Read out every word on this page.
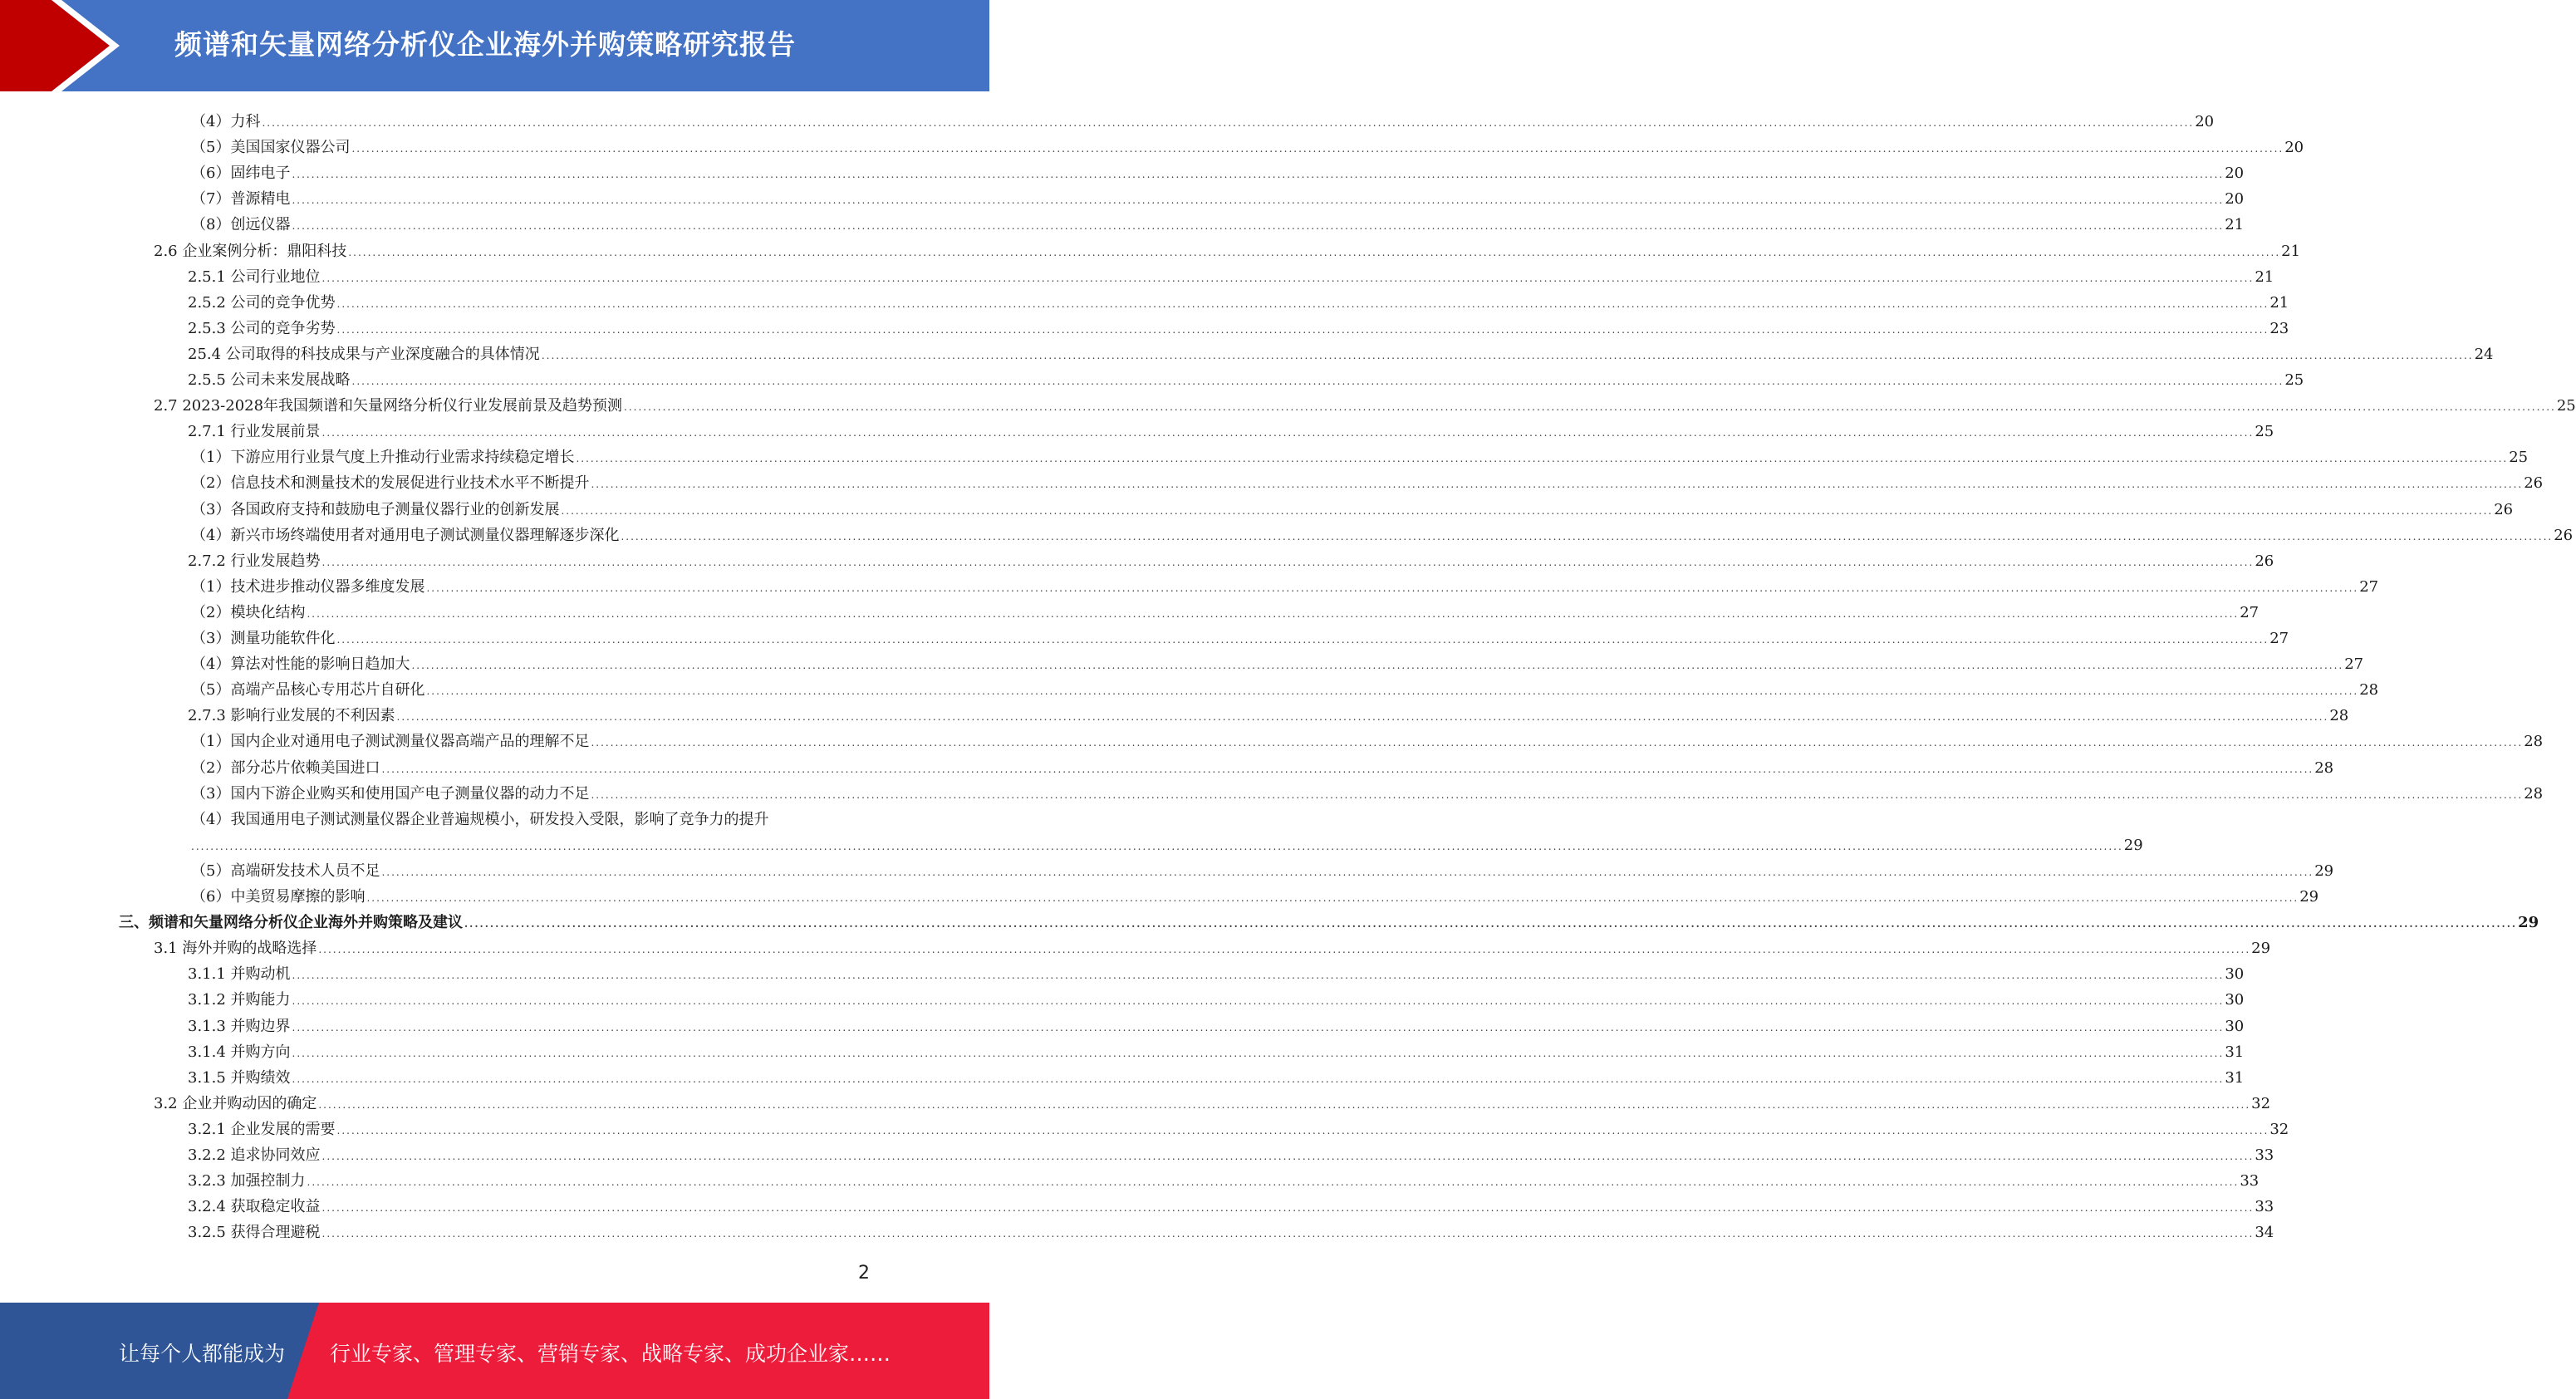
频谱和矢量网络分析仪企业海外并购策略研究报告
（4）力科 ................................................................................................................................................................................................................................................................................................................................................................................................................ 20
（5）美国国家仪器公司 ................................................................................................................................................................................................................................................................................................................................................................................................................ 20
（6）固纬电子 ................................................................................................................................................................................................................................................................................................................................................................................................................ 20
（7）普源精电 ................................................................................................................................................................................................................................................................................................................................................................................................................ 20
（8）创远仪器 ................................................................................................................................................................................................................................................................................................................................................................................................................ 21
2.6 企业案例分析：鼎阳科技 ................................................................................................................................................................................................................................................................................................................................................................................................................ 21
2.5.1 公司行业地位 ................................................................................................................................................................................................................................................................................................................................................................................................................ 21
2.5.2 公司的竞争优势 ................................................................................................................................................................................................................................................................................................................................................................................................................ 21
2.5.3 公司的竞争劣势 ................................................................................................................................................................................................................................................................................................................................................................................................................ 23
25.4 公司取得的科技成果与产业深度融合的具体情况 ................................................................................................................................................................................................................................................................................................................................................................................................................ 24
2.5.5 公司未来发展战略 ................................................................................................................................................................................................................................................................................................................................................................................................................ 25
2.7 2023-2028年我国频谱和矢量网络分析仪行业发展前景及趋势预测 ................................................................................................................................................................................................................................................................................................................................................................................................................ 25
2.7.1 行业发展前景 ................................................................................................................................................................................................................................................................................................................................................................................................................ 25
（1）下游应用行业景气度上升推动行业需求持续稳定增长 ................................................................................................................................................................................................................................................................................................................................................................................................................ 25
（2）信息技术和测量技术的发展促进行业技术水平不断提升 ................................................................................................................................................................................................................................................................................................................................................................................................................ 26
（3）各国政府支持和鼓励电子测量仪器行业的创新发展 ................................................................................................................................................................................................................................................................................................................................................................................................................ 26
（4）新兴市场终端使用者对通用电子测试测量仪器理解逐步深化 ................................................................................................................................................................................................................................................................................................................................................................................................................ 26
2.7.2 行业发展趋势 ................................................................................................................................................................................................................................................................................................................................................................................................................ 26
（1）技术进步推动仪器多维度发展 ................................................................................................................................................................................................................................................................................................................................................................................................................ 27
（2）模块化结构 ................................................................................................................................................................................................................................................................................................................................................................................................................ 27
（3）测量功能软件化 ................................................................................................................................................................................................................................................................................................................................................................................................................ 27
（4）算法对性能的影响日趋加大 ................................................................................................................................................................................................................................................................................................................................................................................................................ 27
（5）高端产品核心专用芯片自研化 ................................................................................................................................................................................................................................................................................................................................................................................................................ 28
2.7.3 影响行业发展的不利因素 ................................................................................................................................................................................................................................................................................................................................................................................................................ 28
（1）国内企业对通用电子测试测量仪器高端产品的理解不足 ................................................................................................................................................................................................................................................................................................................................................................................................................ 28
（2）部分芯片依赖美国进口 ................................................................................................................................................................................................................................................................................................................................................................................................................ 28
（3）国内下游企业购买和使用国产电子测量仪器的动力不足 ................................................................................................................................................................................................................................................................................................................................................................................................................ 28
（4）我国通用电子测试测量仪器企业普遍规模小，研发投入受限，影响了竞争力的提升
................................................................................................................................................................................................................................................................................................................................................................................................................ 29
（5）高端研发技术人员不足 ................................................................................................................................................................................................................................................................................................................................................................................................................ 29
（6）中美贸易摩擦的影响 ................................................................................................................................................................................................................................................................................................................................................................................................................ 29
三、频谱和矢量网络分析仪企业海外并购策略及建议 ................................................................................................................................................................................................................................................................................................................................................................................................................ 29
3.1 海外并购的战略选择 ................................................................................................................................................................................................................................................................................................................................................................................................................ 29
3.1.1 并购动机 ................................................................................................................................................................................................................................................................................................................................................................................................................ 30
3.1.2 并购能力 ................................................................................................................................................................................................................................................................................................................................................................................................................ 30
3.1.3 并购边界 ................................................................................................................................................................................................................................................................................................................................................................................................................ 30
3.1.4 并购方向 ................................................................................................................................................................................................................................................................................................................................................................................................................ 31
3.1.5 并购绩效 ................................................................................................................................................................................................................................................................................................................................................................................................................ 31
3.2 企业并购动因的确定 ................................................................................................................................................................................................................................................................................................................................................................................................................ 32
3.2.1 企业发展的需要 ................................................................................................................................................................................................................................................................................................................................................................................................................ 32
3.2.2 追求协同效应 ................................................................................................................................................................................................................................................................................................................................................................................................................ 33
3.2.3 加强控制力 ................................................................................................................................................................................................................................................................................................................................................................................................................ 33
3.2.4 获取稳定收益 ................................................................................................................................................................................................................................................................................................................................................................................................................ 33
3.2.5 获得合理避税 ................................................................................................................................................................................................................................................................................................................................................................................................................ 34
2
让每个人都能成为 行业专家、管理专家、营销专家、战略专家、成功企业家……
